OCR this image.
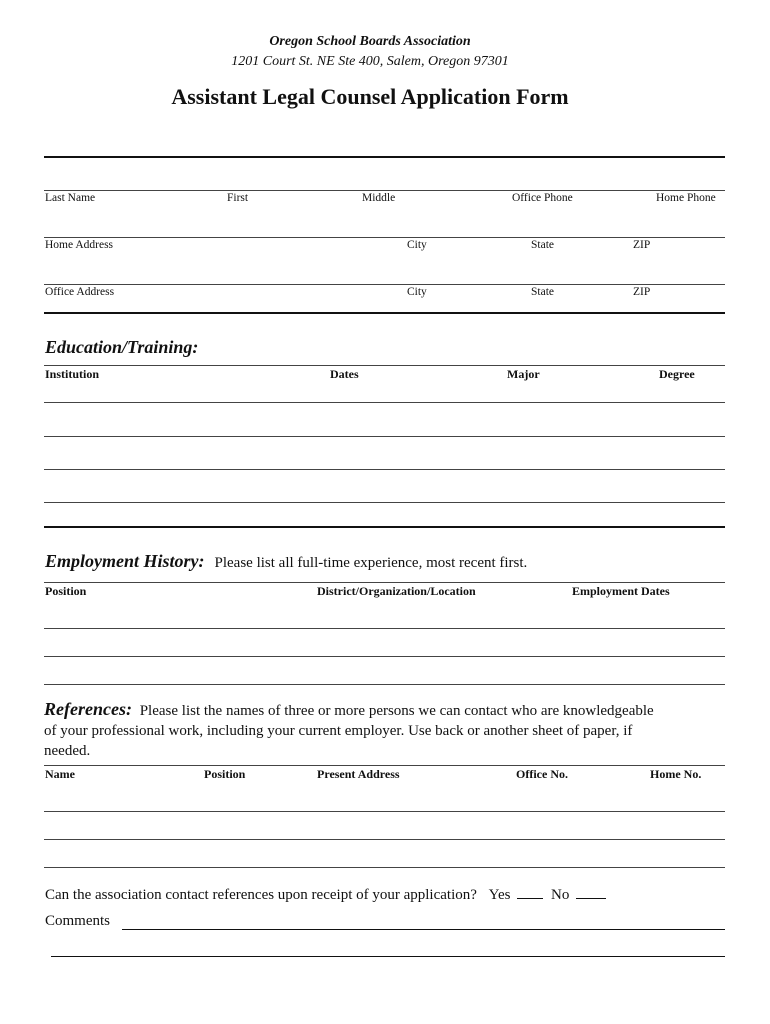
Oregon School Boards Association
1201 Court St. NE Ste 400, Salem, Oregon 97301
Assistant Legal Counsel Application Form
Last Name	First	Middle	Office Phone	Home Phone
Home Address	City	State	ZIP
Office Address	City	State	ZIP
Education/Training:
Institution	Dates	Major	Degree
Employment History: Please list all full-time experience, most recent first.
Position	District/Organization/Location	Employment Dates
References: Please list the names of three or more persons we can contact who are knowledgeable
of your professional work, including your current employer. Use back or another sheet of paper, if
needed.
Name	Position	Present Address	Office No.	Home No.
Can the association contact references upon receipt of your application? Yes	No
Comments
